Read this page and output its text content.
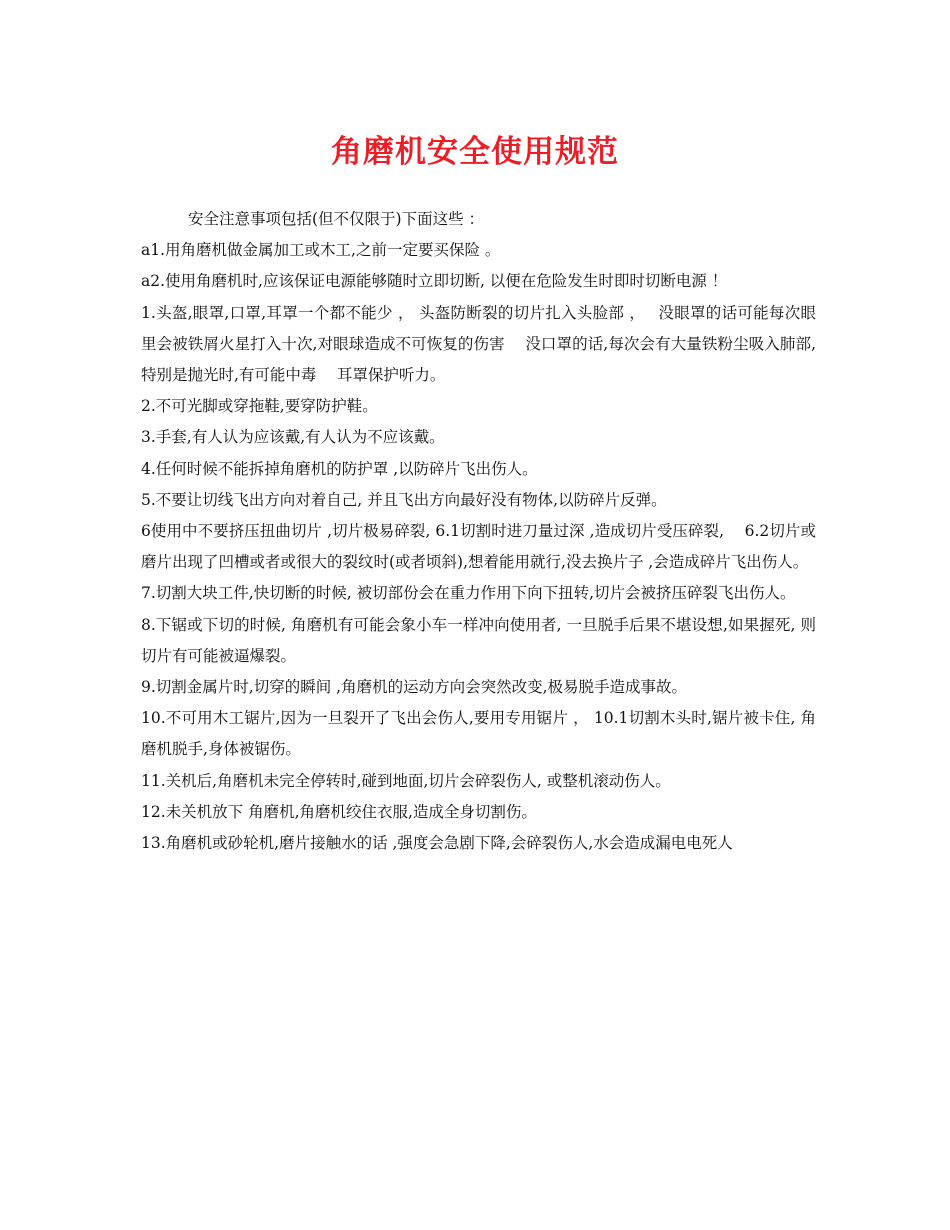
角磨机安全使用规范

安全注意事项包括(但不仅限于)下面这些 ：

a1.用角磨机做金属加工或木工,之前一定要买保险 。

a2.使用角磨机时,应该保证电源能够随时立即切断, 以便在危险发生时即时切断电源 ！

1.头盔,眼罩,口罩,耳罩一个都不能少 ， 头盔防断裂的切片扎入头脸部 ，　 没眼罩的话可能每次眼里会被铁屑火星打入十次,对眼球造成不可恢复的伤害　 没口罩的话,每次会有大量铁粉尘吸入肺部,特别是抛光时,有可能中毒　 耳罩保护听力。

2.不可光脚或穿拖鞋,要穿防护鞋。

3.手套,有人认为应该戴,有人认为不应该戴。

4.任何时候不能拆掉角磨机的防护罩 ,以防碎片飞出伤人。

5.不要让切线飞出方向对着自己, 并且飞出方向最好没有物体,以防碎片反弹。

6使用中不要挤压扭曲切片 ,切片极易碎裂, 6.1切割时进刀量过深 ,造成切片受压碎裂,　 6.2切片或磨片出现了凹槽或者或很大的裂纹时(或者顷斜),想着能用就行,没去换片子 ,会造成碎片飞出伤人。

7.切割大块工件,快切断的时候, 被切部份会在重力作用下向下扭转,切片会被挤压碎裂飞出伤人。

8.下锯或下切的时候, 角磨机有可能会象小车一样冲向使用者, 一旦脱手后果不堪设想,如果握死, 则切片有可能被逼爆裂。

9.切割金属片时,切穿的瞬间 ,角磨机的运动方向会突然改变,极易脱手造成事故。

10.不可用木工锯片,因为一旦裂开了飞出会伤人,要用专用锯片 ， 10.1切割木头时,锯片被卡住, 角磨机脱手,身体被锯伤。

11.关机后,角磨机未完全停转时,碰到地面,切片会碎裂伤人, 或整机滚动伤人。

12.未关机放下 角磨机,角磨机绞住衣服,造成全身切割伤。

13.角磨机或砂轮机,磨片接触水的话 ,强度会急剧下降,会碎裂伤人,水会造成漏电电死人
